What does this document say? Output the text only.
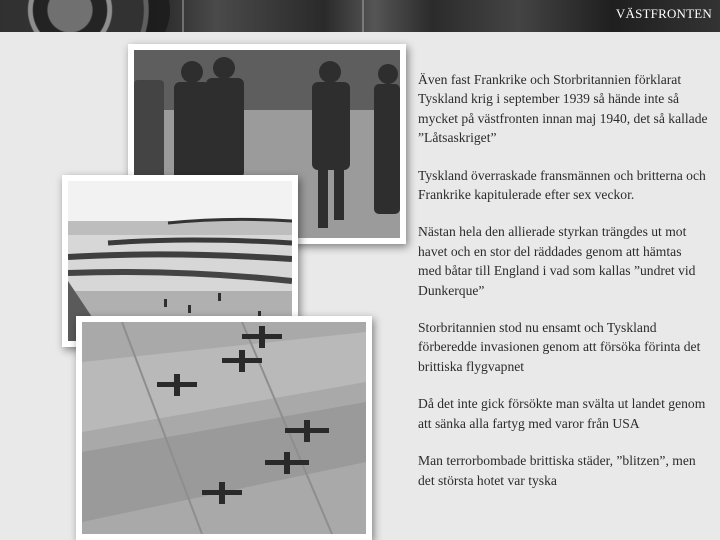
VÄSTFRONTEN

Även fast Frankrike och Storbritannien förklarat Tyskland krig i september 1939 så hände inte så mycket på västfronten innan maj 1940, det så kallade ”Låtsaskriget”

Tyskland överraskade fransmännen och britterna och Frankrike kapitulerade efter sex veckor.

Nästan hela den allierade styrkan trängdes ut mot havet och en stor del räddades genom att hämtas med båtar till England i vad som kallas ”undret vid Dunkerque”

Storbritannien stod nu ensamt och Tyskland förberedde invasionen genom att försöka förinta det brittiska flygvapnet

Då det inte gick försökte man svälta ut landet genom att sänka alla fartyg med varor från USA

Man terrorbombade brittiska städer, ”blitzen”, men det största hotet var tyska
